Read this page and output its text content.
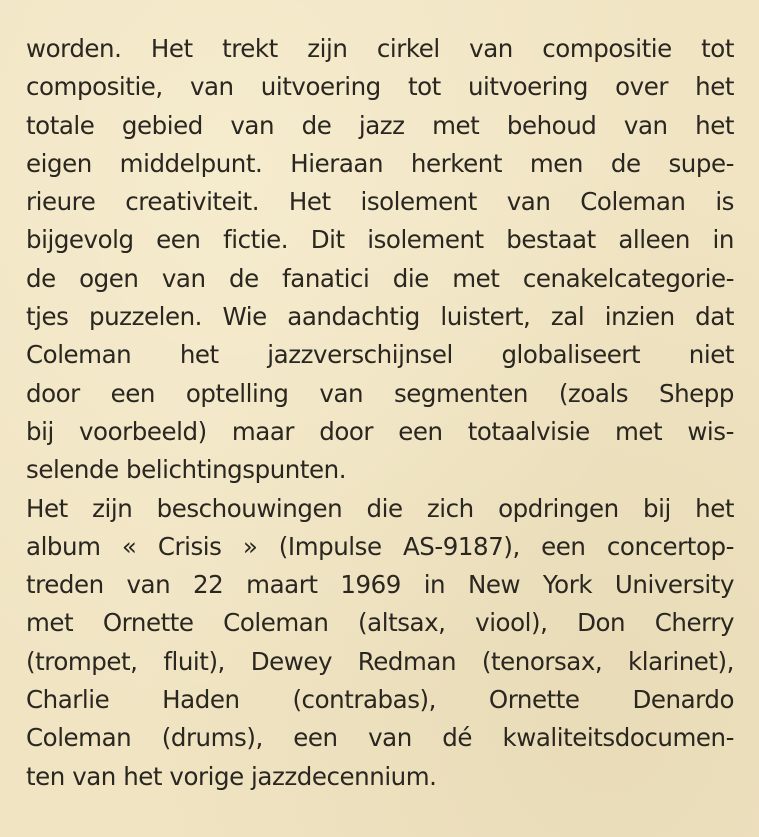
worden. Het trekt zijn cirkel van compositie tot
compositie, van uitvoering tot uitvoering over het
totale gebied van de jazz met behoud van het
eigen middelpunt. Hieraan herkent men de supe-
rieure creativiteit. Het isolement van Coleman is
bijgevolg een fictie. Dit isolement bestaat alleen in
de ogen van de fanatici die met cenakelcategorie-
tjes puzzelen. Wie aandachtig luistert, zal inzien dat
Coleman het jazzverschijnsel globaliseert niet
door een optelling van segmenten (zoals Shepp
bij voorbeeld) maar door een totaalvisie met wis-
selende belichtingspunten.
Het zijn beschouwingen die zich opdringen bij het
album « Crisis » (Impulse AS-9187), een concertop-
treden van 22 maart 1969 in New York University
met Ornette Coleman (altsax, viool), Don Cherry
(trompet, fluit), Dewey Redman (tenorsax, klarinet),
Charlie Haden (contrabas), Ornette Denardo
Coleman (drums), een van dé kwaliteitsdocumen-
ten van het vorige jazzdecennium.
